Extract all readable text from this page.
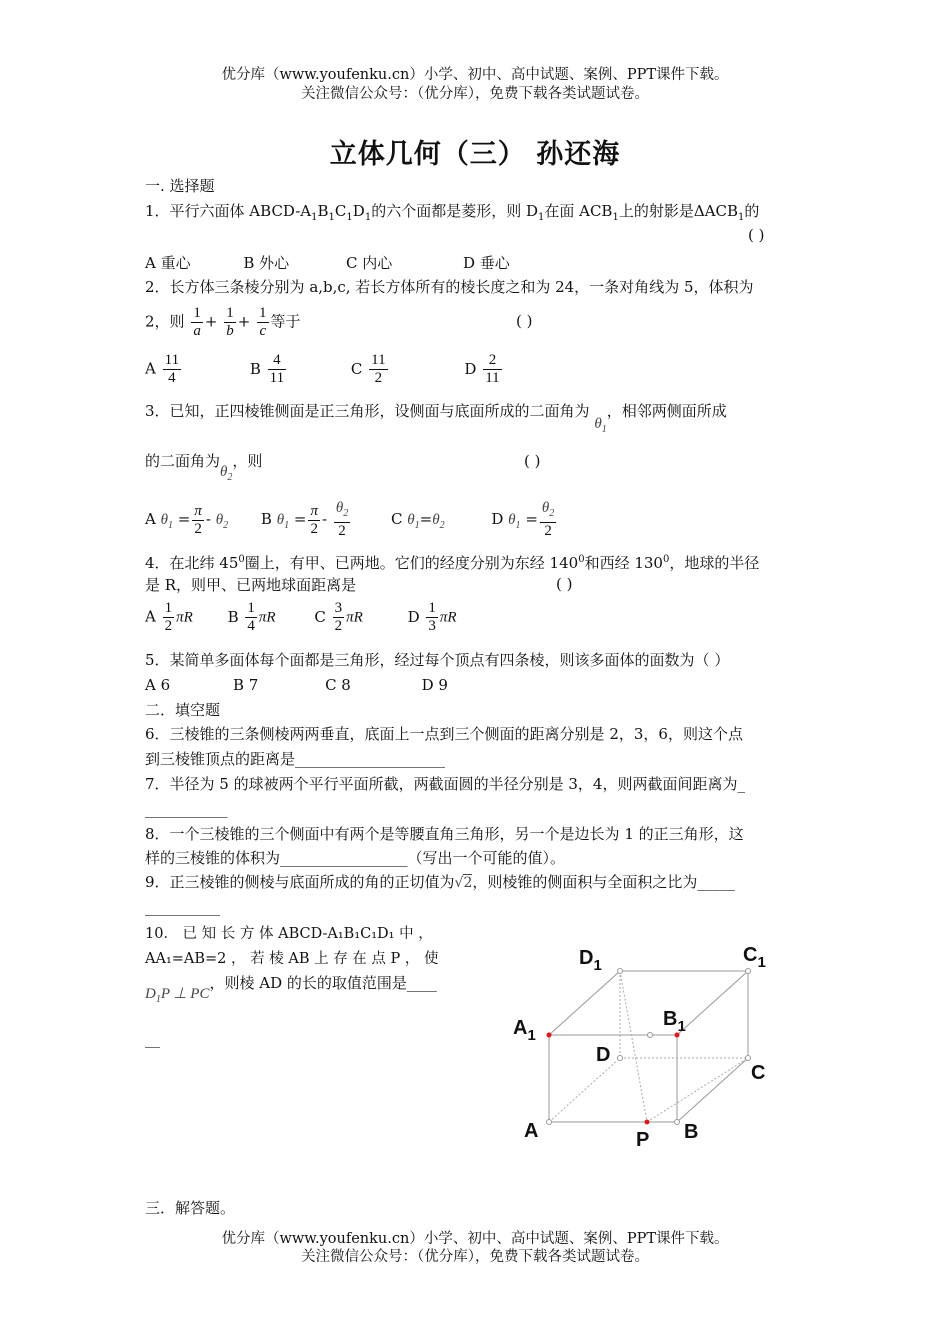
优分库（www.youfenku.cn）小学、初中、高中试题、案例、PPT课件下载。
关注微信公众号：（优分库），免费下载各类试题试卷。
立体几何（三） 孙还海
一. 选择题
1．平行六面体 ABCD-$A_1B_1C_1D_1$的六个面都是菱形，则 $D_1$在面 $ACB_1$上的射影是$\Delta ACB_1$的
( )
A 重心	B 外心	C 内心	D 垂心
2．长方体三条棱分别为 a,b,c, 若长方体所有的棱长度之和为 24，一条对角线为 5，体积为
2，则 $\frac{1}{a} + \frac{1}{b} + \frac{1}{c}$ 等于	( )
A $\frac{11}{4}$	B $\frac{4}{11}$	C $\frac{11}{2}$	D $\frac{2}{11}$
3．已知，正四棱锥侧面是正三角形，设侧面与底面所成的二面角为 $\theta_1$，相邻两侧面所成
的二面角为$\theta_2$，则	( )
A $\theta_1 = \frac{\pi}{2} - \theta_2$ B $\theta_1 = \frac{\pi}{2} - \frac{\theta_2}{2}$	C $\theta_1=\theta_2$	D $\theta_1 = \frac{\theta_2}{2}$
4．在北纬 $45^0$圈上，有甲、已两地。它们的经度分别为东经 $140^0$和西经 $130^0$，地球的半径
是 R，则甲、已两地球面距离是	( )
A $\frac{1}{2}$ πR B $\frac{1}{4}$ πR	C $\frac{3}{2}$ πR	D $\frac{1}{3}$ πR
5．某简单多面体每个面都是三角形，经过每个顶点有四条棱，则该多面体的面数为（ ）
A 6	B 7	C 8	D 9
二．填空题
6．三棱锥的三条侧棱两两垂直，底面上一点到三个侧面的距离分别是 2，3，6，则这个点
到三棱锥顶点的距离是____________________
7．半径为 5 的球被两个平行平面所截，两截面圆的半径分别是 3，4，则两截面间距离为_
___________
8．一个三棱锥的三个侧面中有两个是等腰直角三角形，另一个是边长为 1 的正三角形，这
样的三棱锥的体积为_________________（写出一个可能的值）。
9．正三棱锥的侧棱与底面所成的角的正切值为√2，则棱锥的侧面积与全面积之比为_____
__________
10． 已 知 长 方 体 ABCD-A₁B₁C₁D₁ 中 ，
AA₁=AB=2 ， 若 棱 AB 上 存 在 点 P ， 使
$D_1P$ ⊥ PC，则棱 AD 的长的取值范围是____
__
$D_1$	$C_1$
$A_1$
$B_1$
D
C
A	P B
三．解答题。
优分库（www.youfenku.cn）小学、初中、高中试题、案例、PPT课件下载。
关注微信公众号：（优分库），免费下载各类试题试卷。
